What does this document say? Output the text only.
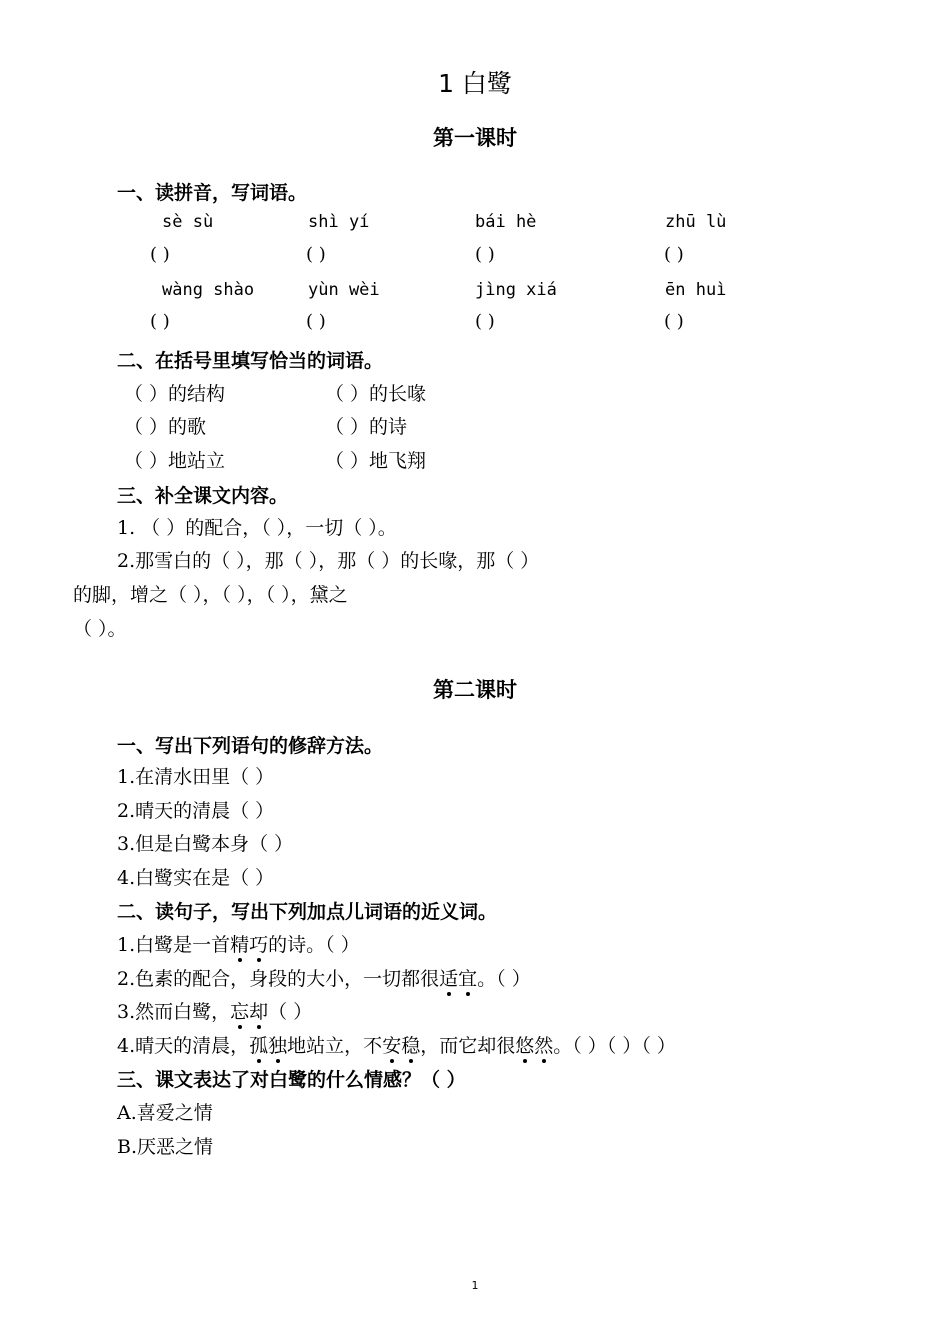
1 白鹭
第一课时
一、读拼音，写词语。
sè sù	shì yí	bái hè	zhū lù
( )	( )	( )	( )
wàng shào	yùn wèi	jìng xiá	ēn huì
( )	( )	( )	( )
二、在括号里填写恰当的词语。
（ ）的结构	（ ）的长喙
（ ）的歌	（ ）的诗
（ ）地站立	（ ）地飞翔
三、补全课文内容。
1. （ ）的配合，（ ），一切（ ）。
2.那雪白的（ ），那（ ），那（ ）的长喙，那（ ）
的脚，增之（ ），（ ），（ ），黛之
（ ）。
第二课时
一、写出下列语句的修辞方法。
1.在清水田里（ ）
2.晴天的清晨（ ）
3.但是白鹭本身（ ）
4.白鹭实在是（ ）
二、读句子，写出下列加点儿词语的近义词。
1.白鹭是一首精巧的诗。（ ）
2.色素的配合，身段的大小，一切都很适宜。（ ）
3.然而白鹭，忘却（ ）
4.晴天的清晨，孤独地站立，不安稳，而它却很悠然。（ ）（ ）（ ）
三、课文表达了对白鹭的什么情感？（ ）
A.喜爱之情
B.厌恶之情
1
